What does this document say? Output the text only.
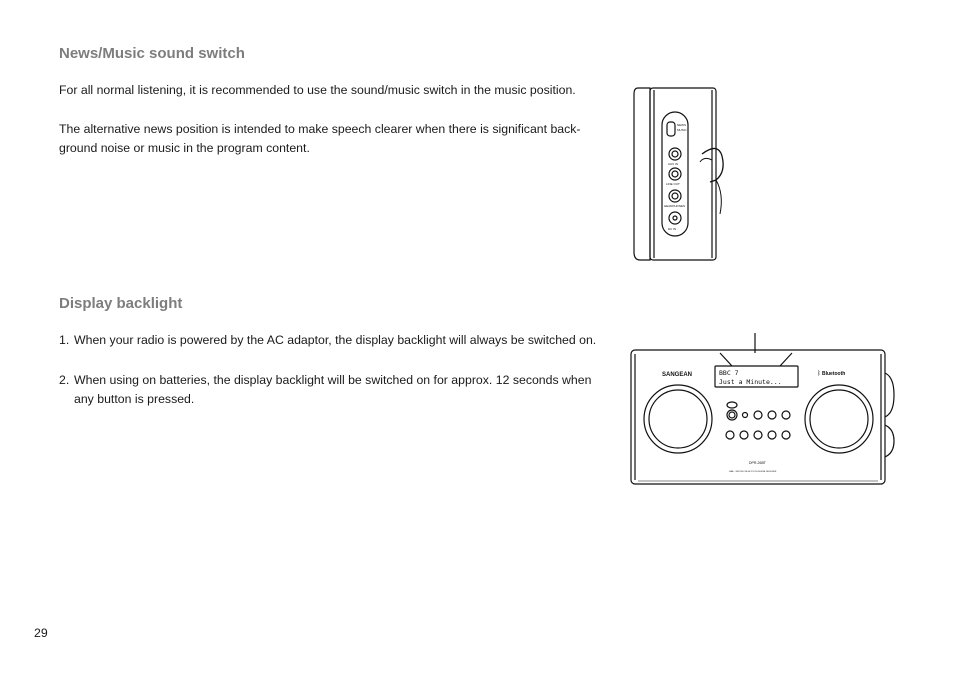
News/Music sound switch

For all normal listening, it is recommended to use the sound/music switch in the music position.

The alternative news position is intended to make speech clearer when there is significant back-ground noise or music in the program content.

Display backlight
1. When your radio is powered by the AC adaptor, the display backlight will always be switched on.
2. When using on batteries, the display backlight will be switched on for approx. 12 seconds when any button is pressed.
NEWS
MUSIC
AUX IN
LINE OUT
HEADPHONES
DC IN
SANGEAN	Bluetooth
ᛒ
BBC 7
Just a Minute...
DPR-26BT
DAB+ / FM RDS / BLUETOOTH DIGITAL RECEIVER
29
